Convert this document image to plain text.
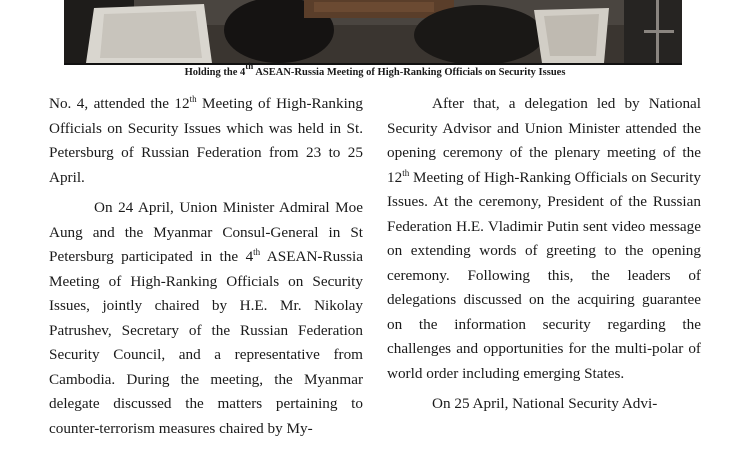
Holding the 4th ASEAN-Russia Meeting of High-Ranking Officials on Security Issues

No. 4, attended the 12th Meeting of High-Ranking Officials on Security Issues which was held in St. Petersburg of Russian Federation from 23 to 25 April.

On 24 April, Union Minister Admiral Moe Aung and the Myanmar Consul-General in St Petersburg participated in the 4th ASEAN-Russia Meeting of High-Ranking Officials on Security Issues, jointly chaired by H.E. Mr. Nikolay Patrushev, Secretary of the Russian Federation Security Council, and a representative from Cambodia. During the meeting, the Myanmar delegate discussed the matters pertaining to counter-terrorism measures chaired by My-

After that, a delegation led by National Security Advisor and Union Minister attended the opening ceremony of the plenary meeting of the 12th Meeting of High-Ranking Officials on Security Issues. At the ceremony, President of the Russian Federation H.E. Vladimir Putin sent video message on extending words of greeting to the opening ceremony. Following this, the leaders of delegations discussed on the acquiring guarantee on the information security regarding the challenges and opportunities for the multi-polar of world order including emerging States.

On 25 April, National Security Advi-
